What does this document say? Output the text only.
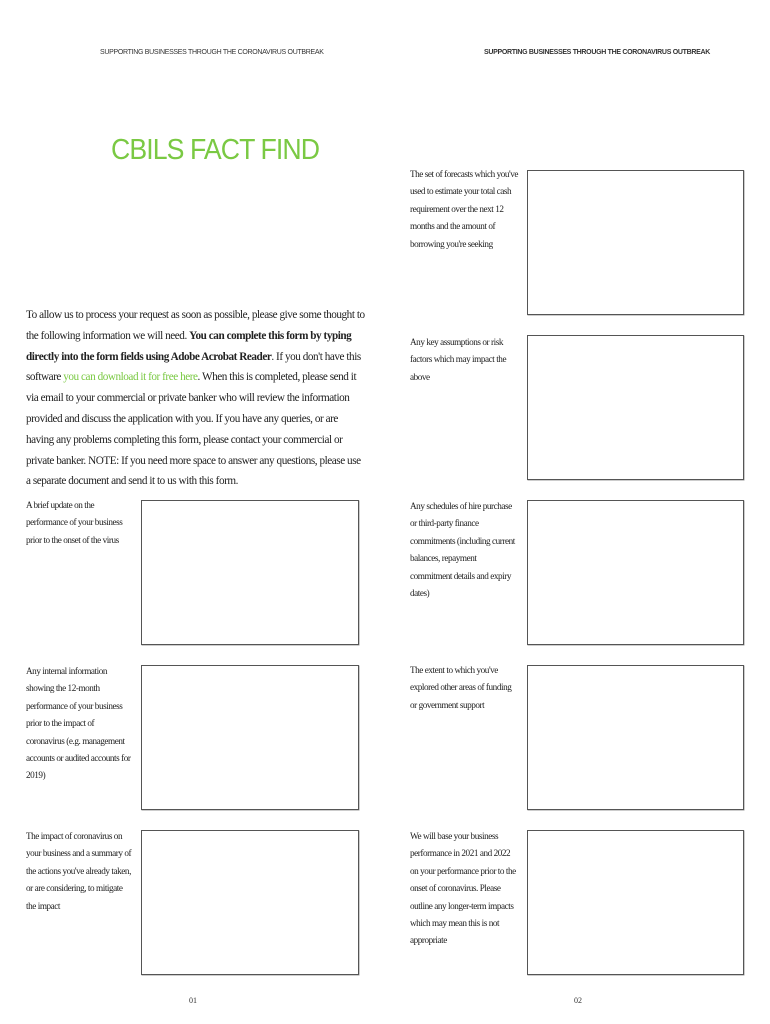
SUPPORTING BUSINESSES THROUGH THE CORONAVIRUS OUTBREAK	SUPPORTING BUSINESSES THROUGH THE CORONAVIRUS OUTBREAK
CBILS FACT FIND
To allow us to process your request as soon as possible, please give some thought to the following information we will need. You can complete this form by typing directly into the form fields using Adobe Acrobat Reader. If you don't have this software you can download it for free here. When this is completed, please send it via email to your commercial or private banker who will review the information provided and discuss the application with you. If you have any queries, or are having any problems completing this form, please contact your commercial or private banker. NOTE: If you need more space to answer any questions, please use a separate document and send it to us with this form.
A brief update on the performance of your business prior to the onset of the virus
Any internal information showing the 12-month performance of your business prior to the impact of coronavirus (e.g. management accounts or audited accounts for 2019)
The impact of coronavirus on your business and a summary of the actions you've already taken, or are considering, to mitigate the impact
The set of forecasts which you've used to estimate your total cash requirement over the next 12 months and the amount of borrowing you're seeking
Any key assumptions or risk factors which may impact the above
Any schedules of hire purchase or third-party finance commitments (including current balances, repayment commitment details and expiry dates)
The extent to which you've explored other areas of funding or government support
We will base your business performance in 2021 and 2022 on your performance prior to the onset of coronavirus. Please outline any longer-term impacts which may mean this is not appropriate
01	02
